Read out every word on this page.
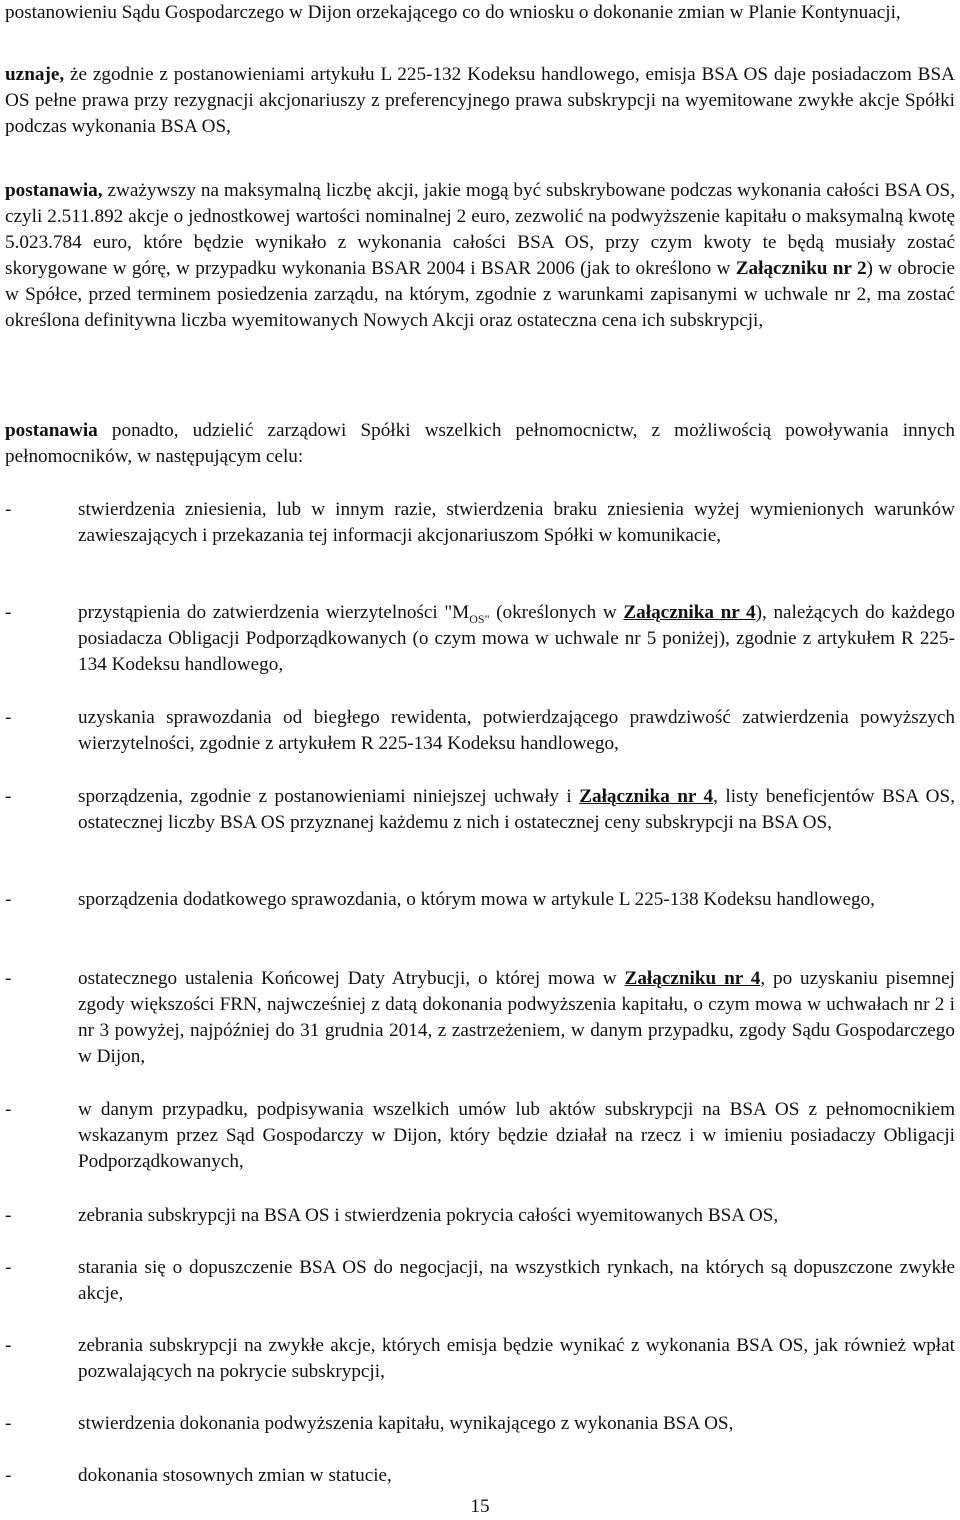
postanowieniu Sądu Gospodarczego w Dijon orzekającego co do wniosku o dokonanie zmian w Planie Kontynuacji,

uznaje, że zgodnie z postanowieniami artykułu L 225-132 Kodeksu handlowego, emisja BSA OS daje posiadaczom BSA OS pełne prawa przy rezygnacji akcjonariuszy z preferencyjnego prawa subskrypcji na wyemitowane zwykłe akcje Spółki podczas wykonania BSA OS,

postanawia, zważywszy na maksymalną liczbę akcji, jakie mogą być subskrybowane podczas wykonania całości BSA OS, czyli 2.511.892 akcje o jednostkowej wartości nominalnej 2 euro, zezwolić na podwyższenie kapitału o maksymalną kwotę 5.023.784 euro, które będzie wynikało z wykonania całości BSA OS, przy czym kwoty te będą musiały zostać skorygowane w górę, w przypadku wykonania BSAR 2004 i BSAR 2006 (jak to określono w Załączniku nr 2) w obrocie w Spółce, przed terminem posiedzenia zarządu, na którym, zgodnie z warunkami zapisanymi w uchwale nr 2, ma zostać określona definitywna liczba wyemitowanych Nowych Akcji oraz ostateczna cena ich subskrypcji,

postanawia ponadto, udzielić zarządowi Spółki wszelkich pełnomocnictw, z możliwością powoływania innych pełnomocników, w następującym celu:

-	stwierdzenia zniesienia, lub w innym razie, stwierdzenia braku zniesienia wyżej wymienionych warunków zawieszających i przekazania tej informacji akcjonariuszom Spółki w komunikacie,

-	przystąpienia do zatwierdzenia wierzytelności "$M_{OS"}$ (określonych w Załącznika nr 4), należących do każdego posiadacza Obligacji Podporządkowanych (o czym mowa w uchwale nr 5 poniżej), zgodnie z artykułem R 225-134 Kodeksu handlowego,

-	uzyskania sprawozdania od biegłego rewidenta, potwierdzającego prawdziwość zatwierdzenia powyższych wierzytelności, zgodnie z artykułem R 225-134 Kodeksu handlowego,

-	sporządzenia, zgodnie z postanowieniami niniejszej uchwały i Załącznika nr 4, listy beneficjentów BSA OS, ostatecznej liczby BSA OS przyznanej każdemu z nich i ostatecznej ceny subskrypcji na BSA OS,

-	sporządzenia dodatkowego sprawozdania, o którym mowa w artykule L 225-138 Kodeksu handlowego,

-	ostatecznego ustalenia Końcowej Daty Atrybucji, o której mowa w Załączniku nr 4, po uzyskaniu pisemnej zgody większości FRN, najwcześniej z datą dokonania podwyższenia kapitału, o czym mowa w uchwałach nr 2 i nr 3 powyżej, najpóźniej do 31 grudnia 2014, z zastrzeżeniem, w danym przypadku, zgody Sądu Gospodarczego w Dijon,

-	w danym przypadku, podpisywania wszelkich umów lub aktów subskrypcji na BSA OS z pełnomocnikiem wskazanym przez Sąd Gospodarczy w Dijon, który będzie działał na rzecz i w imieniu posiadaczy Obligacji Podporządkowanych,

-	zebrania subskrypcji na BSA OS i stwierdzenia pokrycia całości wyemitowanych BSA OS,

-	starania się o dopuszczenie BSA OS do negocjacji, na wszystkich rynkach, na których są dopuszczone zwykłe akcje,

-	zebrania subskrypcji na zwykłe akcje, których emisja będzie wynikać z wykonania BSA OS, jak również wpłat pozwalających na pokrycie subskrypcji,

-	stwierdzenia dokonania podwyższenia kapitału, wynikającego z wykonania BSA OS,

-	dokonania stosownych zmian w statucie,

15
